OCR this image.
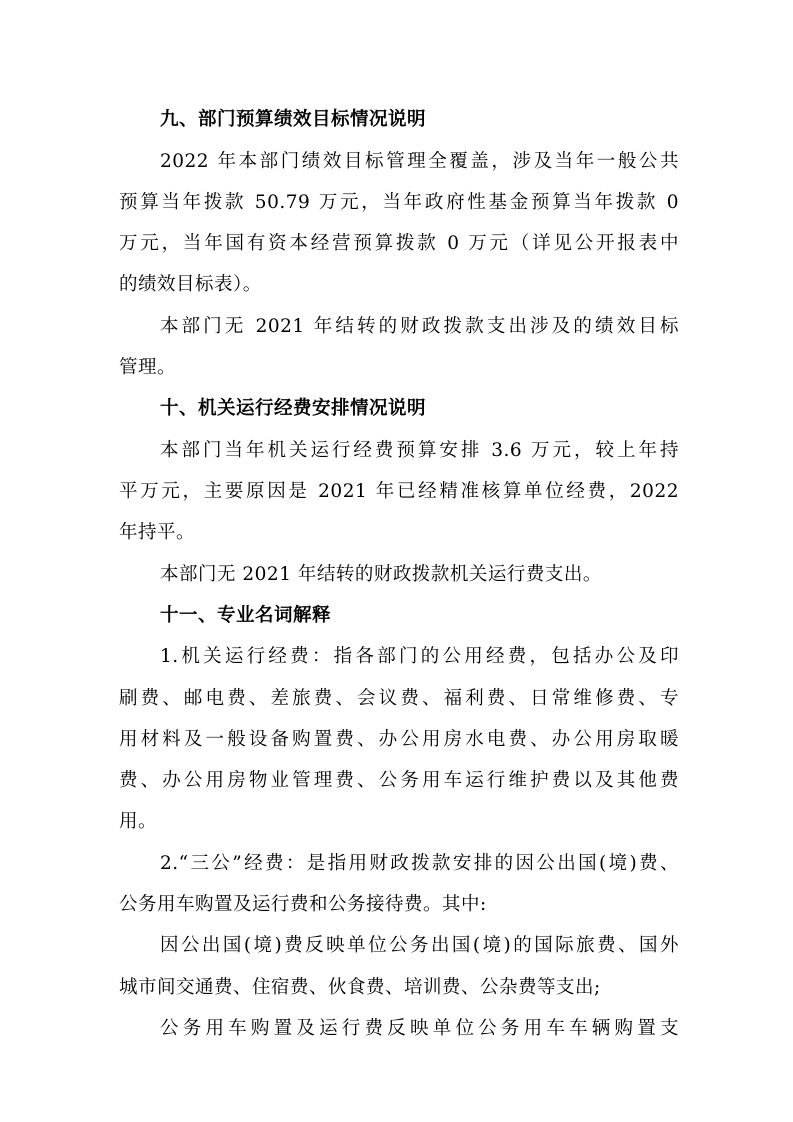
九、部门预算绩效目标情况说明
2022 年本部门绩效目标管理全覆盖，涉及当年一般公共
预算当年拨款 50.79 万元，当年政府性基金预算当年拨款 0
万元，当年国有资本经营预算拨款 0 万元（详见公开报表中
的绩效目标表）。
本部门无 2021 年结转的财政拨款支出涉及的绩效目标
管理。
十、机关运行经费安排情况说明
本部门当年机关运行经费预算安排 3.6 万元，较上年持
平万元，主要原因是 2021 年已经精准核算单位经费，2022
年持平。
本部门无 2021 年结转的财政拨款机关运行费支出。
十一、专业名词解释
1.机关运行经费：指各部门的公用经费，包括办公及印
刷费、邮电费、差旅费、会议费、福利费、日常维修费、专
用材料及一般设备购置费、办公用房水电费、办公用房取暖
费、办公用房物业管理费、公务用车运行维护费以及其他费
用。
2.“三公”经费：是指用财政拨款安排的因公出国(境)费、
公务用车购置及运行费和公务接待费。其中:
因公出国(境)费反映单位公务出国(境)的国际旅费、国外
城市间交通费、住宿费、伙食费、培训费、公杂费等支出;
公务用车购置及运行费反映单位公务用车车辆购置支
